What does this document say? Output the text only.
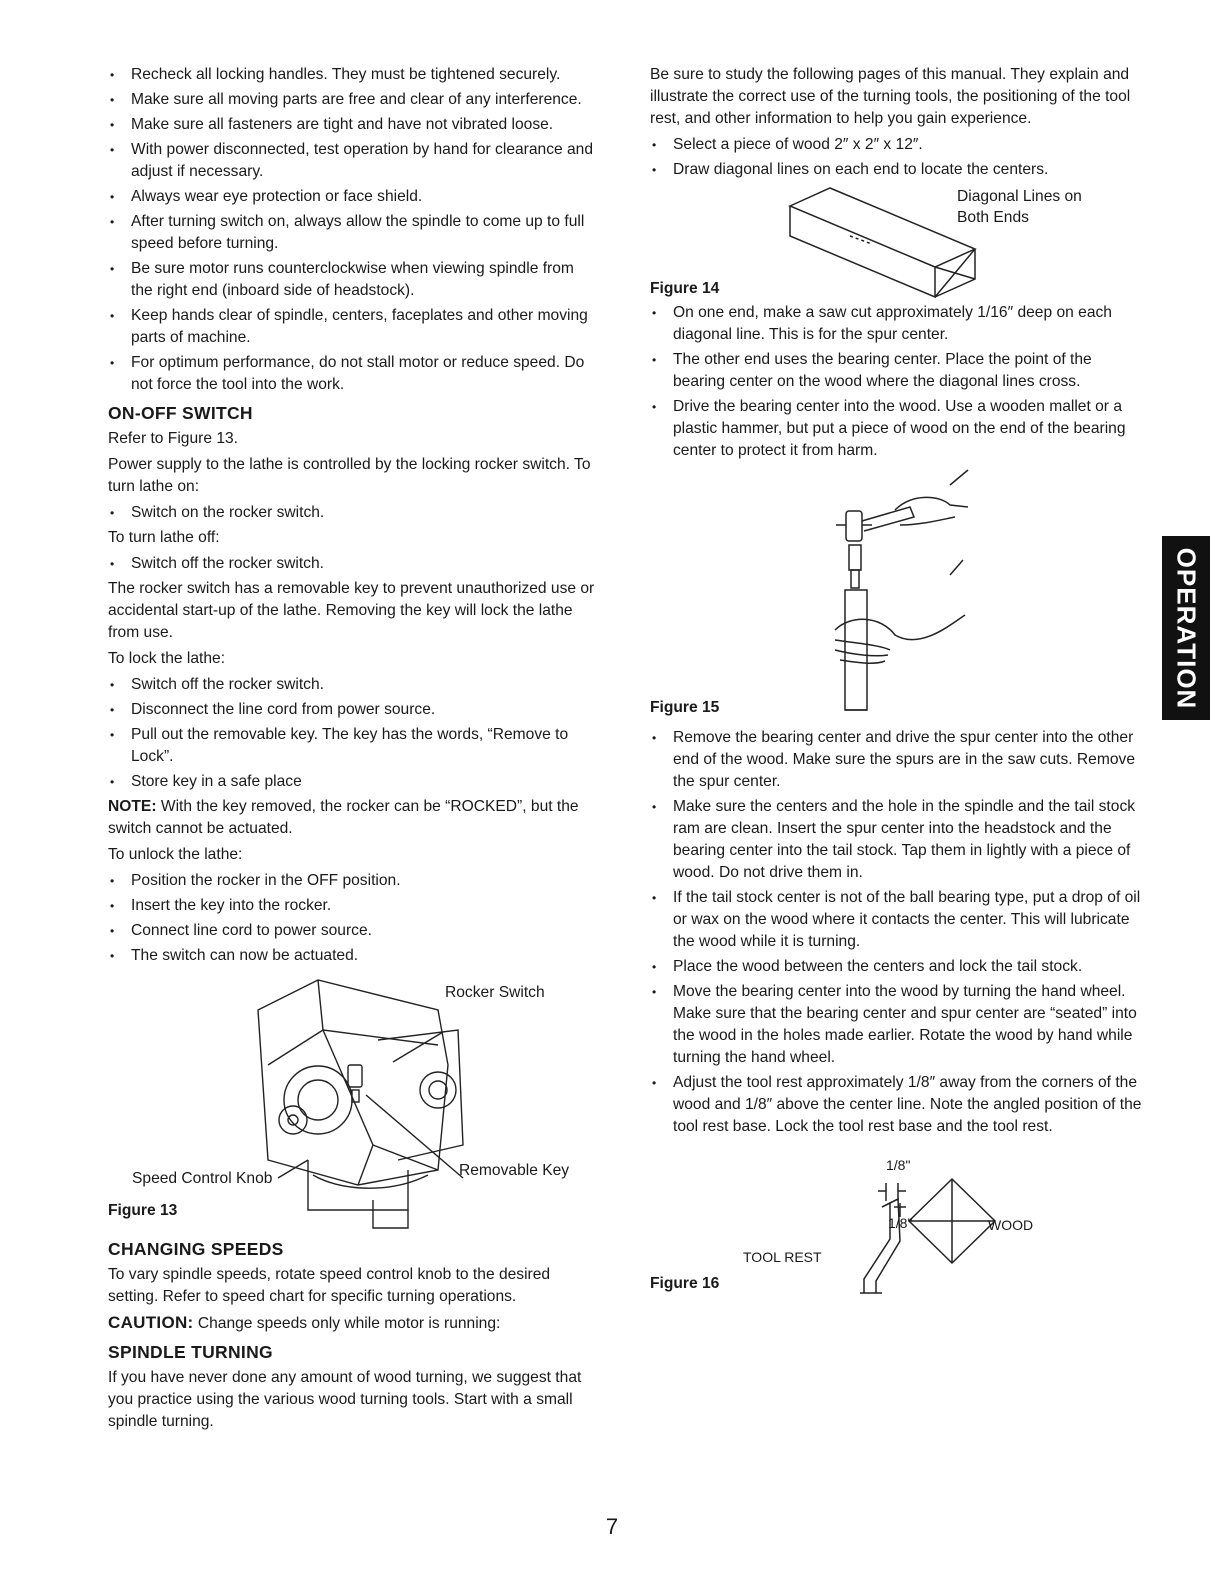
• Recheck all locking handles. They must be tightened securely.
• Make sure all moving parts are free and clear of any interference.
• Make sure all fasteners are tight and have not vibrated loose.
• With power disconnected, test operation by hand for clearance and adjust if necessary.
• Always wear eye protection or face shield.
• After turning switch on, always allow the spindle to come up to full speed before turning.
• Be sure motor runs counterclockwise when viewing spindle from the right end (inboard side of headstock).
• Keep hands clear of spindle, centers, faceplates and other moving parts of machine.
• For optimum performance, do not stall motor or reduce speed. Do not force the tool into the work.
ON-OFF SWITCH

Refer to Figure 13.

Power supply to the lathe is controlled by the locking rocker switch. To turn lathe on:

• Switch on the rocker switch.

To turn lathe off:

• Switch off the rocker switch.

The rocker switch has a removable key to prevent unauthorized use or accidental start-up of the lathe. Removing the key will lock the lathe from use.

To lock the lathe:

• Switch off the rocker switch.
• Disconnect the line cord from power source.
• Pull out the removable key. The key has the words, “Remove to Lock”.
• Store key in a safe place

NOTE: With the key removed, the rocker can be “ROCKED”, but the switch cannot be actuated.

To unlock the lathe:

• Position the rocker in the OFF position.
• Insert the key into the rocker.
• Connect line cord to power source.
• The switch can now be actuated.
Rocker Switch
Speed Control Knob	Removable Key
Figure 13
CHANGING SPEEDS

To vary spindle speeds, rotate speed control knob to the desired setting. Refer to speed chart for specific turning operations.

CAUTION: Change speeds only while motor is running:

SPINDLE TURNING

If you have never done any amount of wood turning, we suggest that you practice using the various wood turning tools. Start with a small spindle turning.

Be sure to study the following pages of this manual. They explain and illustrate the correct use of the turning tools, the positioning of the tool rest, and other information to help you gain experience.

• Select a piece of wood 2″ x 2″ x 12″.
• Draw diagonal lines on each end to locate the centers.
Diagonal Lines on
Both Ends
Figure 14
• On one end, make a saw cut approximately 1/16″ deep on each diagonal line. This is for the spur center.
• The other end uses the bearing center. Place the point of the bearing center on the wood where the diagonal lines cross.
• Drive the bearing center into the wood. Use a wooden mallet or a plastic hammer, but put a piece of wood on the end of the bearing center to protect it from harm.
Figure 15
• Remove the bearing center and drive the spur center into the other end of the wood. Make sure the spurs are in the saw cuts. Remove the spur center.
• Make sure the centers and the hole in the spindle and the tail stock ram are clean. Insert the spur center into the headstock and the bearing center into the tail stock. Tap them in lightly with a piece of wood. Do not drive them in.
• If the tail stock center is not of the ball bearing type, put a drop of oil or wax on the wood where it contacts the center. This will lubricate the wood while it is turning.
• Place the wood between the centers and lock the tail stock.
• Move the bearing center into the wood by turning the hand wheel. Make sure that the bearing center and spur center are “seated” into the wood in the holes made earlier. Rotate the wood by hand while turning the hand wheel.
• Adjust the tool rest approximately 1/8″ away from the corners of the wood and 1/8″ above the center line. Note the angled position of the tool rest base. Lock the tool rest base and the tool rest.
1/8"
1/8"	WOOD
TOOL REST
Figure 16
OPERATION
7
